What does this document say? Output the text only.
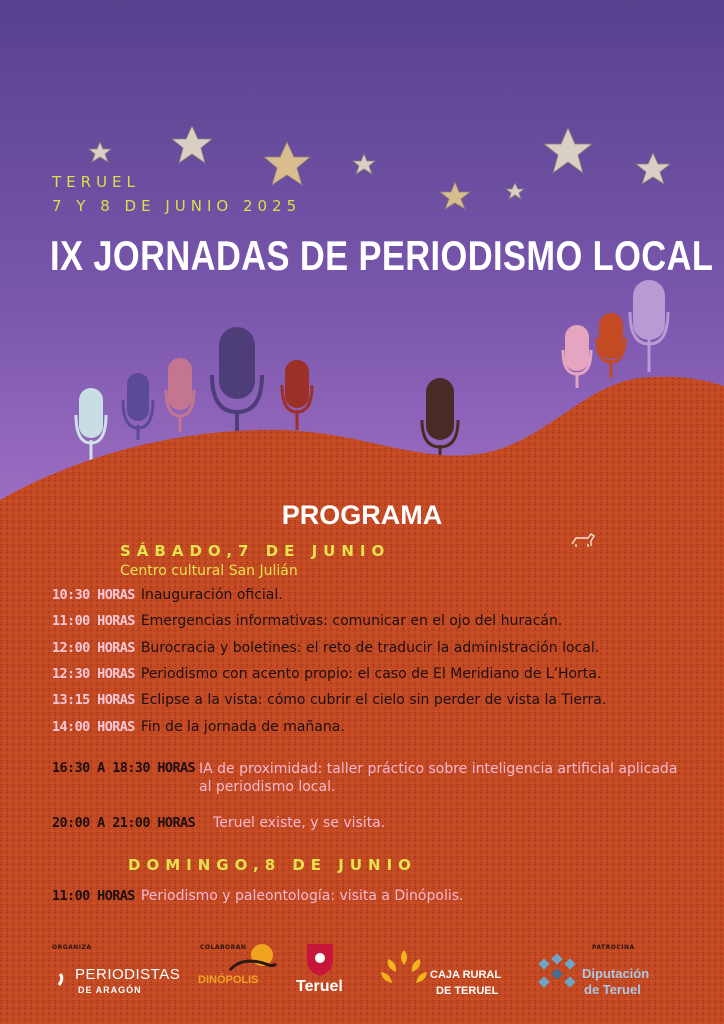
TERUEL
7 Y 8 DE JUNIO 2025
IX JORNADAS DE PERIODISMO LOCAL
PROGRAMA
SÁBADO,7 DE JUNIO
Centro cultural San Julián
10:30 HORAS Inauguración oficial.
11:00 HORAS Emergencias informativas: comunicar en el ojo del huracán.
12:00 HORAS Burocracia y boletines: el reto de traducir la administración local.
12:30 HORAS Periodismo con acento propio: el caso de El Meridiano de L’Horta.
13:15 HORAS Eclipse a la vista: cómo cubrir el cielo sin perder de vista la Tierra.
14:00 HORAS Fin de la jornada de mañana.
16:30 A 18:30 HORAS IA de proximidad: taller práctico sobre inteligencia artificial aplicada al periodismo local.
20:00 A 21:00 HORAS Teruel existe, y se visita.
DOMINGO,8 DE JUNIO
11:00 HORAS Periodismo y paleontología: visita a Dinópolis.
ORGANIZA	COLABORAN	PATROCINA
PERIODISTAS
DE ARAGÓN
DINÓPOLIS Teruel
CAJA RURAL
DE TERUEL
Diputación
de Teruel
